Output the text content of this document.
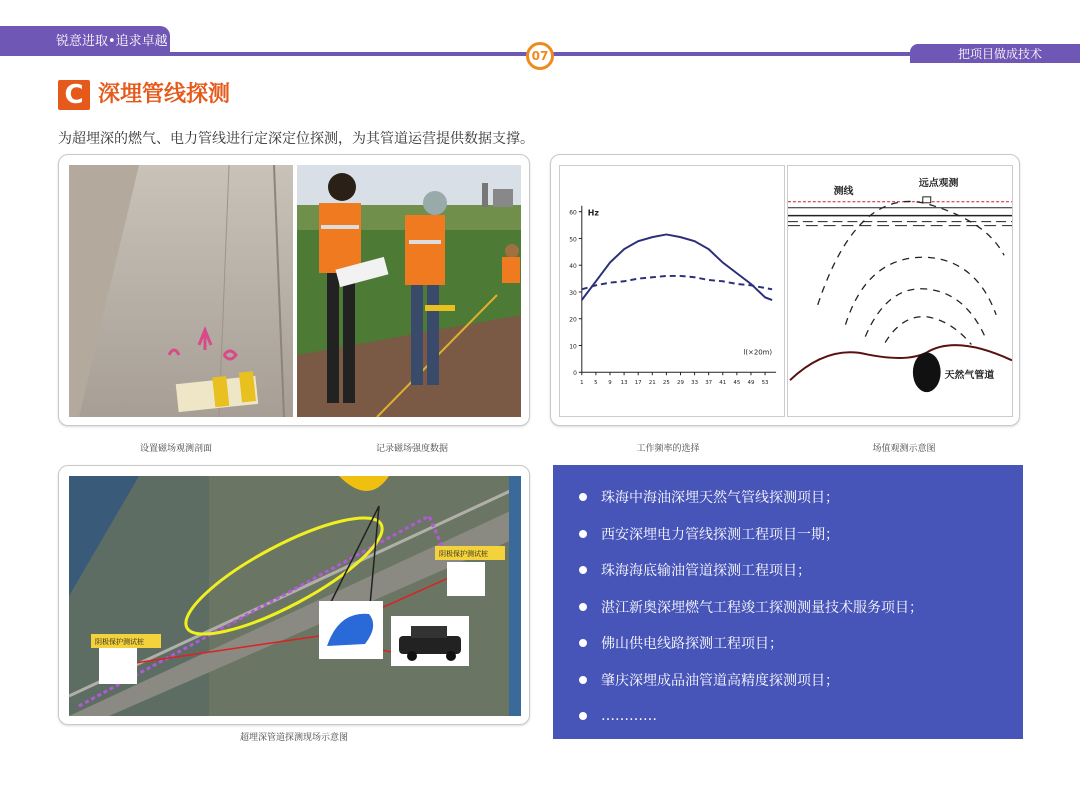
锐意进取•追求卓越
把项目做成技术
07
C 深埋管线探测
为超埋深的燃气、电力管线进行定深定位探测，为其管道运营提供数据支撑。
设置磁场观测剖面	记录磁场强度数据
0
10
20
30
40
50
60
1 5 9 13 17 21 25 29 33 37 41 45 49 53
Hz
l(×20m)
测线
远点观测
天然气管道
工作频率的选择	场值观测示意图
阴极保护测试桩
阴极保护测试桩
超埋深管道探测现场示意图
珠海中海油深埋天然气管线探测项目；
西安深埋电力管线探测工程项目一期；
珠海海底输油管道探测工程项目；
湛江新奥深埋燃气工程竣工探测测量技术服务项目；
佛山供电线路探测工程项目；
肇庆深埋成品油管道高精度探测项目；
…………
